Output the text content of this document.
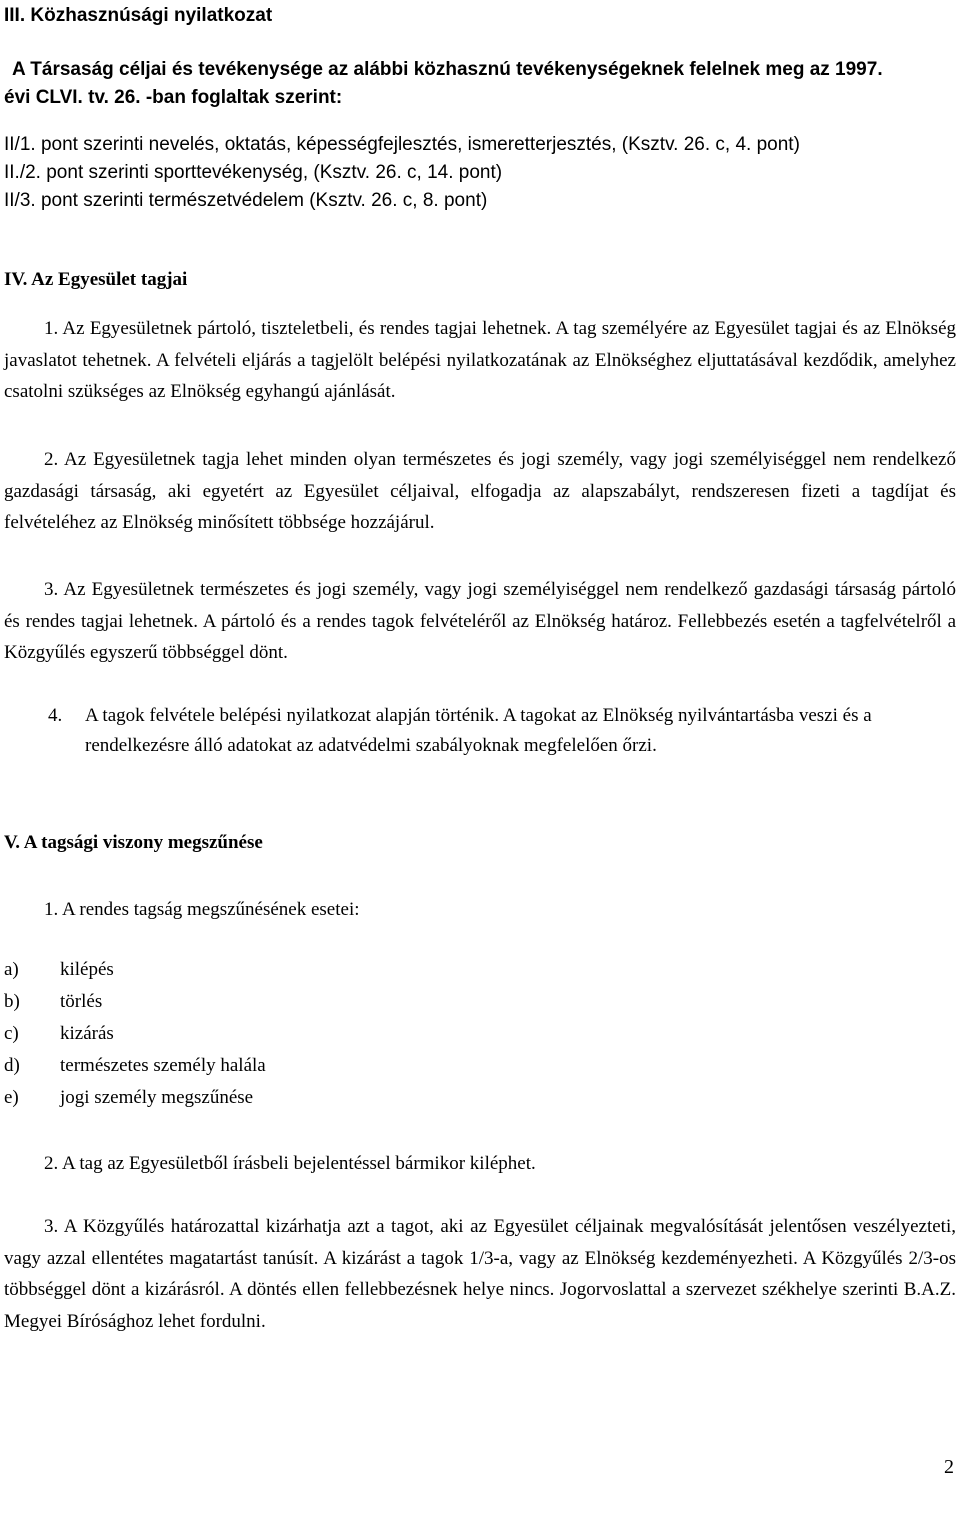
III. Közhasznúsági nyilatkozat
A Társaság céljai és tevékenysége az alábbi közhasznú tevékenységeknek felelnek meg az 1997.
évi CLVI. tv. 26. -ban foglaltak szerint:
II/1. pont szerinti nevelés, oktatás, képességfejlesztés, ismeretterjesztés, (Ksztv. 26. c, 4. pont)
II./2. pont szerinti sporttevékenység, (Ksztv. 26. c, 14. pont)
II/3. pont szerinti természetvédelem (Ksztv. 26. c, 8. pont)
IV. Az Egyesület tagjai

1. Az Egyesületnek pártoló, tiszteletbeli, és rendes tagjai lehetnek. A tag személyére az Egyesület tagjai és az Elnökség javaslatot tehetnek. A felvételi eljárás a tagjelölt belépési nyilatkozatának az Elnökséghez eljuttatásával kezdődik, amelyhez csatolni szükséges az Elnökség egyhangú ajánlását.

2. Az Egyesületnek tagja lehet minden olyan természetes és jogi személy, vagy jogi személyiséggel nem rendelkező gazdasági társaság, aki egyetért az Egyesület céljaival, elfogadja az alapszabályt, rendszeresen fizeti a tagdíjat és felvételéhez az Elnökség minősített többsége hozzájárul.

3. Az Egyesületnek természetes és jogi személy, vagy jogi személyiséggel nem rendelkező gazdasági társaság pártoló és rendes tagjai lehetnek. A pártoló és a rendes tagok felvételéről az Elnökség határoz. Fellebbezés esetén a tagfelvételről a Közgyűlés egyszerű többséggel dönt.

4.	A tagok felvétele belépési nyilatkozat alapján történik. A tagokat az Elnökség nyilvántartásba veszi és a rendelkezésre álló adatokat az adatvédelmi szabályoknak megfelelően őrzi.
V. A tagsági viszony megszűnése
1. A rendes tagság megszűnésének esetei:
a) kilépés
b) törlés
c) kizárás
d) természetes személy halála
e) jogi személy megszűnése
2. A tag az Egyesületből írásbeli bejelentéssel bármikor kiléphet.

3. A Közgyűlés határozattal kizárhatja azt a tagot, aki az Egyesület céljainak megvalósítását jelentősen veszélyezteti, vagy azzal ellentétes magatartást tanúsít. A kizárást a tagok 1/3-a, vagy az Elnökség kezdeményezheti. A Közgyűlés 2/3-os többséggel dönt a kizárásról. A döntés ellen fellebbezésnek helye nincs. Jogorvoslattal a szervezet székhelye szerinti B.A.Z. Megyei Bírósághoz lehet fordulni.

2
